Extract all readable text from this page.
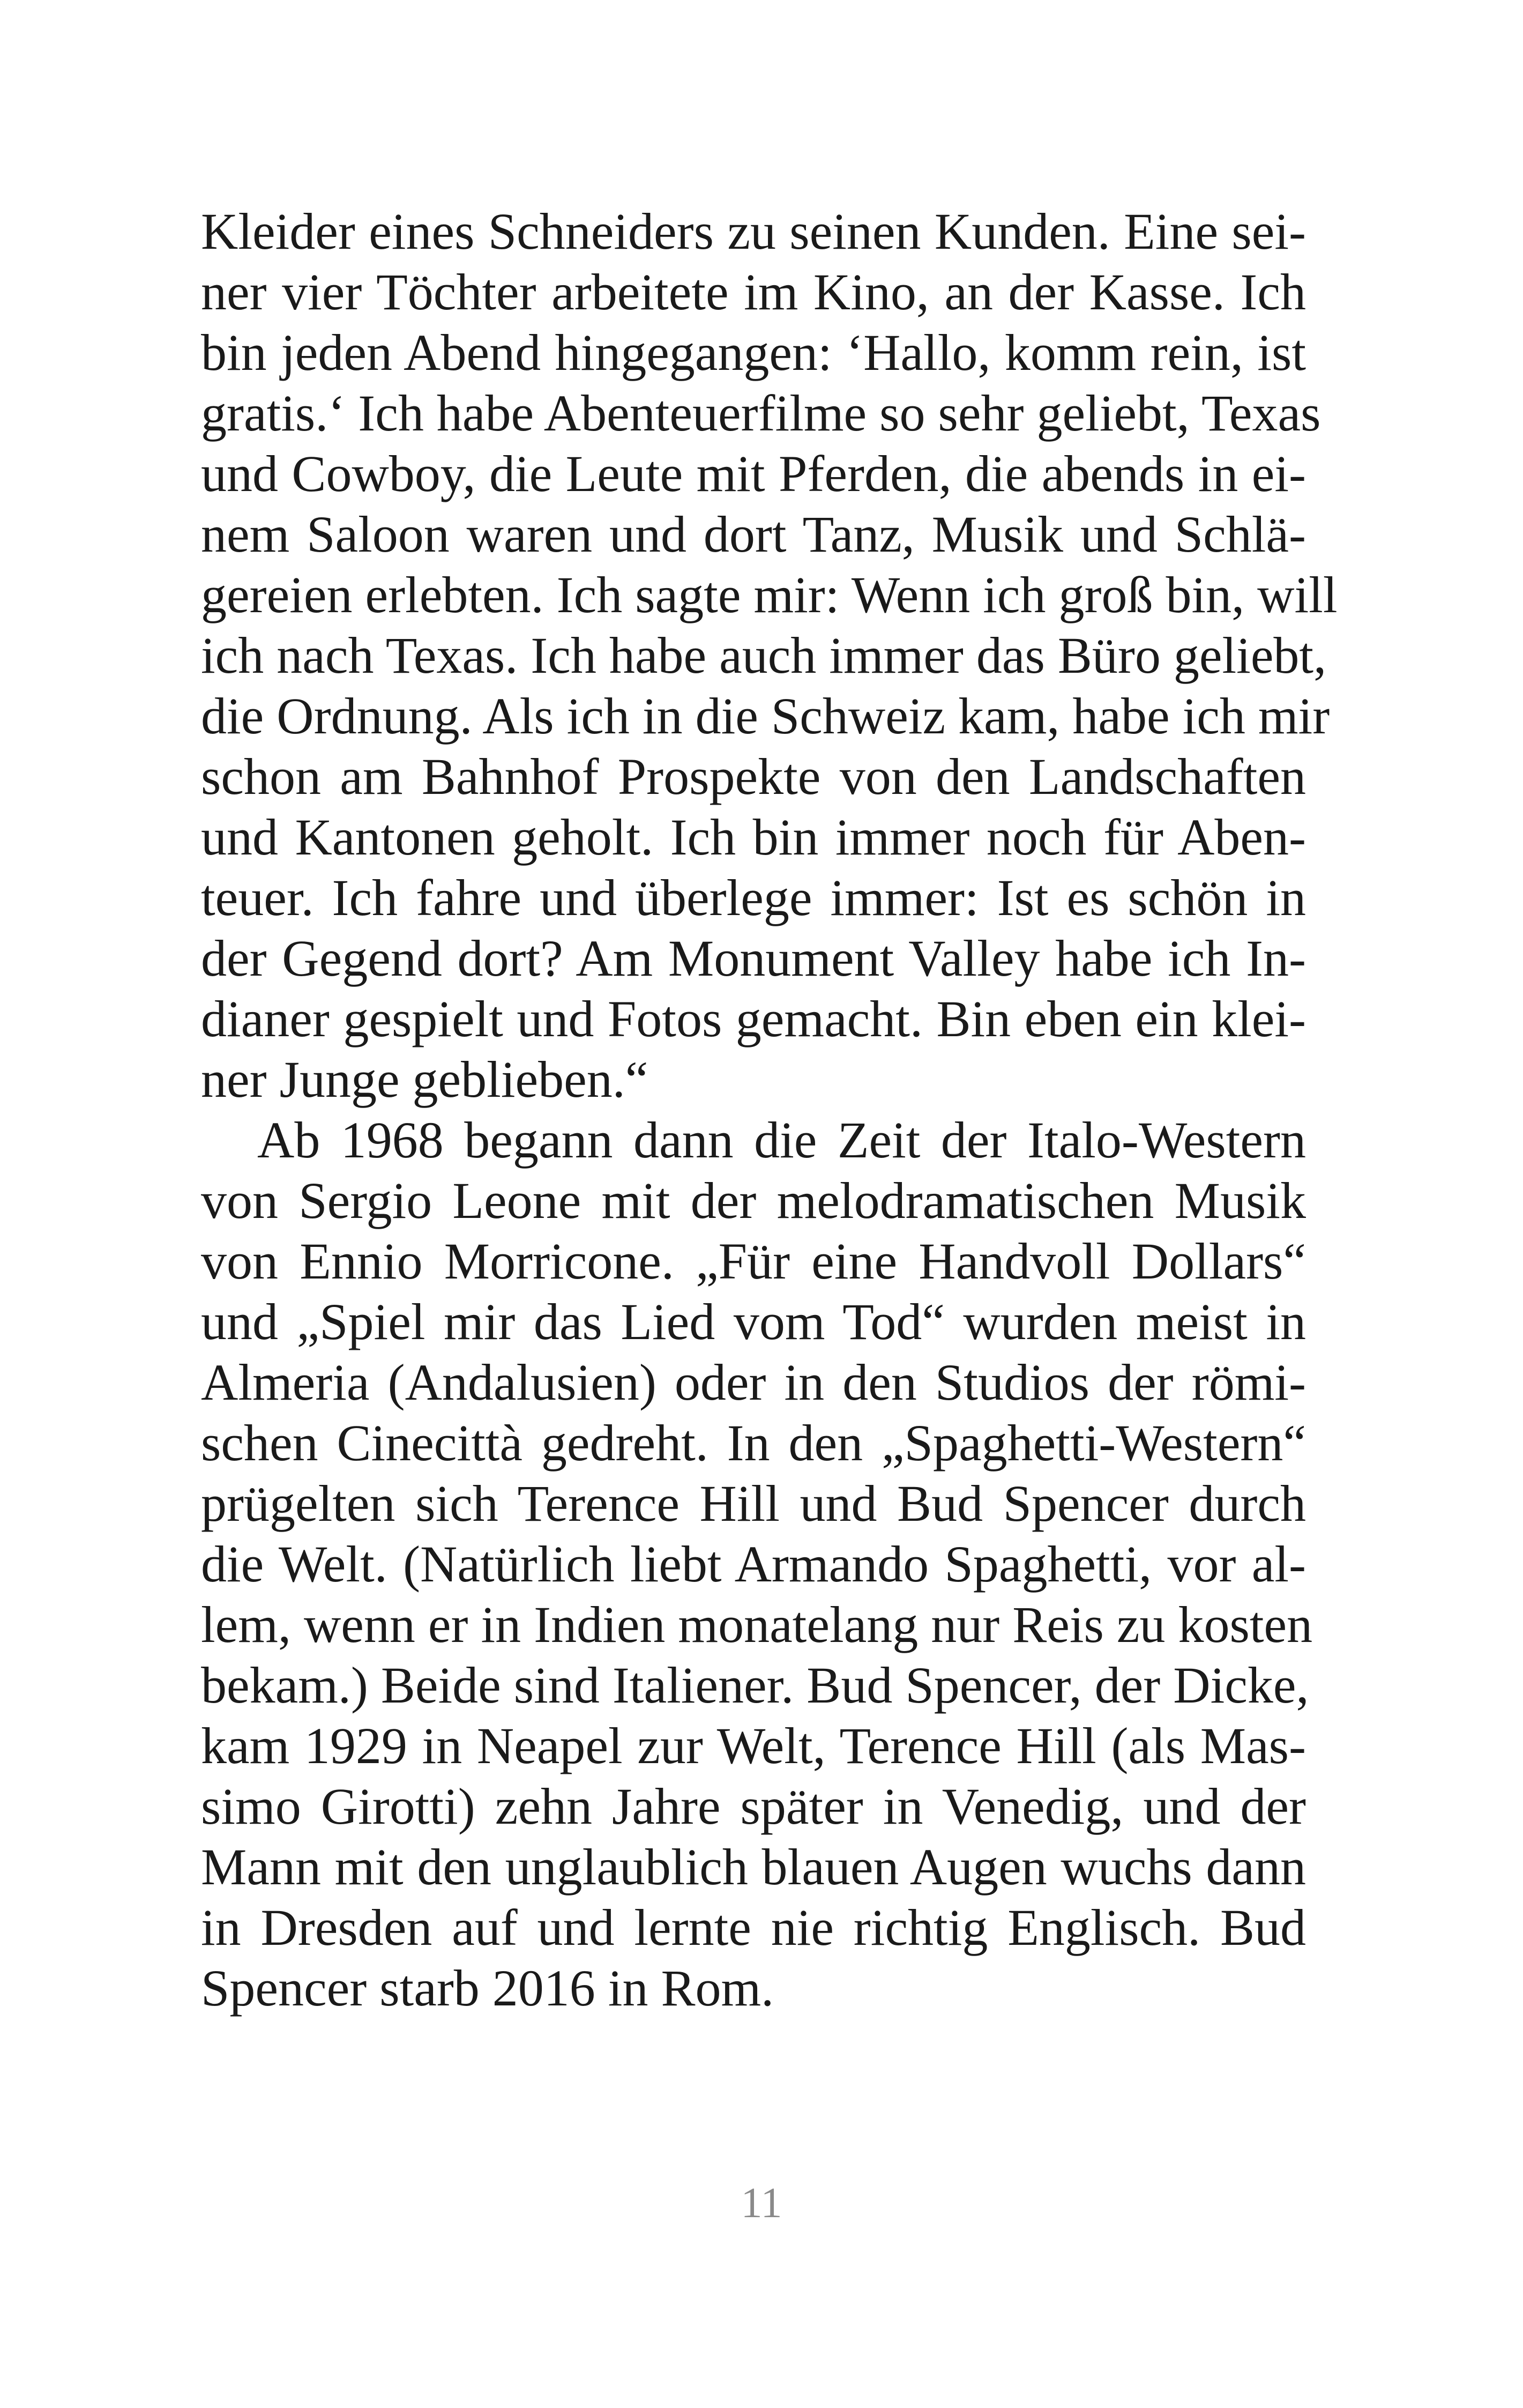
Kleider eines Schneiders zu seinen Kunden. Eine sei-
ner vier Töchter arbeitete im Kino, an der Kasse. Ich
bin jeden Abend hingegangen: ‘Hallo, komm rein, ist
gratis.‘ Ich habe Abenteuerfilme so sehr geliebt, Texas
und Cowboy, die Leute mit Pferden, die abends in ei-
nem Saloon waren und dort Tanz, Musik und Schlä-
gereien erlebten. Ich sagte mir: Wenn ich groß bin, will
ich nach Texas. Ich habe auch immer das Büro geliebt,
die Ordnung. Als ich in die Schweiz kam, habe ich mir
schon am Bahnhof Prospekte von den Landschaften
und Kantonen geholt. Ich bin immer noch für Aben-
teuer. Ich fahre und überlege immer: Ist es schön in
der Gegend dort? Am Monument Valley habe ich In-
dianer gespielt und Fotos gemacht. Bin eben ein klei-
ner Junge geblieben.“
Ab 1968 begann dann die Zeit der Italo-Western
von Sergio Leone mit der melodramatischen Musik
von Ennio Morricone. „Für eine Handvoll Dollars“
und „Spiel mir das Lied vom Tod“ wurden meist in
Almeria (Andalusien) oder in den Studios der römi-
schen Cinecittà gedreht. In den „Spaghetti-Western“
prügelten sich Terence Hill und Bud Spencer durch
die Welt. (Natürlich liebt Armando Spaghetti, vor al-
lem, wenn er in Indien monatelang nur Reis zu kosten
bekam.) Beide sind Italiener. Bud Spencer, der Dicke,
kam 1929 in Neapel zur Welt, Terence Hill (als Mas-
simo Girotti) zehn Jahre später in Venedig, und der
Mann mit den unglaublich blauen Augen wuchs dann
in Dresden auf und lernte nie richtig Englisch. Bud
Spencer starb 2016 in Rom.
11
